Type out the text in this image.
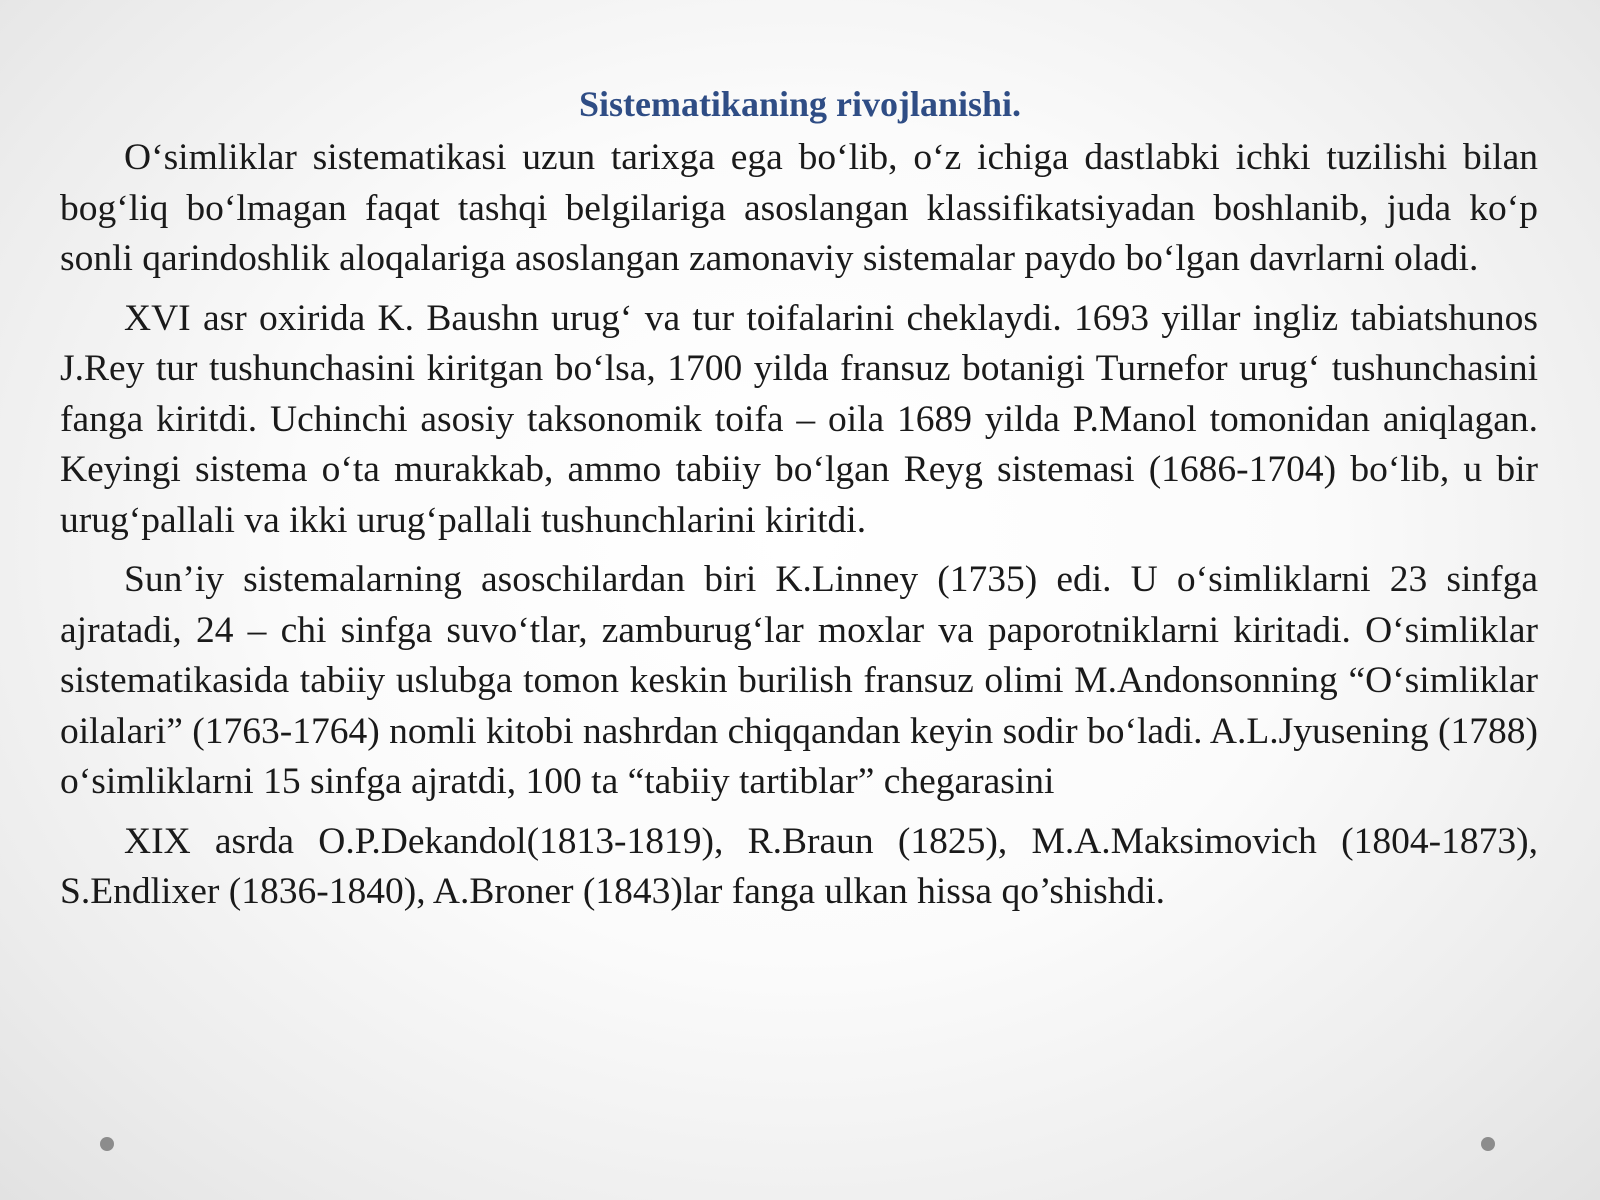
Sistematikaning rivojlanishi.

O‘simliklar sistematikasi uzun tarixga ega bo‘lib, o‘z ichiga dastlabki ichki tuzilishi bilan bog‘liq bo‘lmagan faqat tashqi belgilariga asoslangan klassifikatsiyadan boshlanib, juda ko‘p sonli qarindoshlik aloqalariga asoslangan zamonaviy sistemalar paydo bo‘lgan davrlarni oladi.

XVI asr oxirida K. Baushn urug‘ va tur toifalarini cheklaydi. 1693 yillar ingliz tabiatshunos J.Rey tur tushunchasini kiritgan bo‘lsa, 1700 yilda fransuz botanigi Turnefor urug‘ tushunchasini fanga kiritdi. Uchinchi asosiy taksonomik toifa – oila 1689 yilda P.Manol tomonidan aniqlagan. Keyingi sistema o‘ta murakkab, ammo tabiiy bo‘lgan Reyg sistemasi (1686-1704) bo‘lib, u bir urug‘pallali va ikki urug‘pallali tushunchlarini kiritdi.

Sun’iy sistemalarning asoschilardan biri K.Linney (1735) edi. U o‘simliklarni 23 sinfga ajratadi, 24 – chi sinfga suvo‘tlar, zamburug‘lar moxlar va paporotniklarni kiritadi. O‘simliklar sistematikasida tabiiy uslubga tomon keskin burilish fransuz olimi M.Andonsonning “O‘simliklar oilalari” (1763-1764) nomli kitobi nashrdan chiqqandan keyin sodir bo‘ladi. A.L.Jyusening (1788) o‘simliklarni 15 sinfga ajratdi, 100 ta “tabiiy tartiblar” chegarasini

XIX asrda O.P.Dekandol(1813-1819), R.Braun (1825), M.A.Maksimovich (1804-1873), S.Endlixer (1836-1840), A.Broner (1843)lar fanga ulkan hissa qo’shishdi.
